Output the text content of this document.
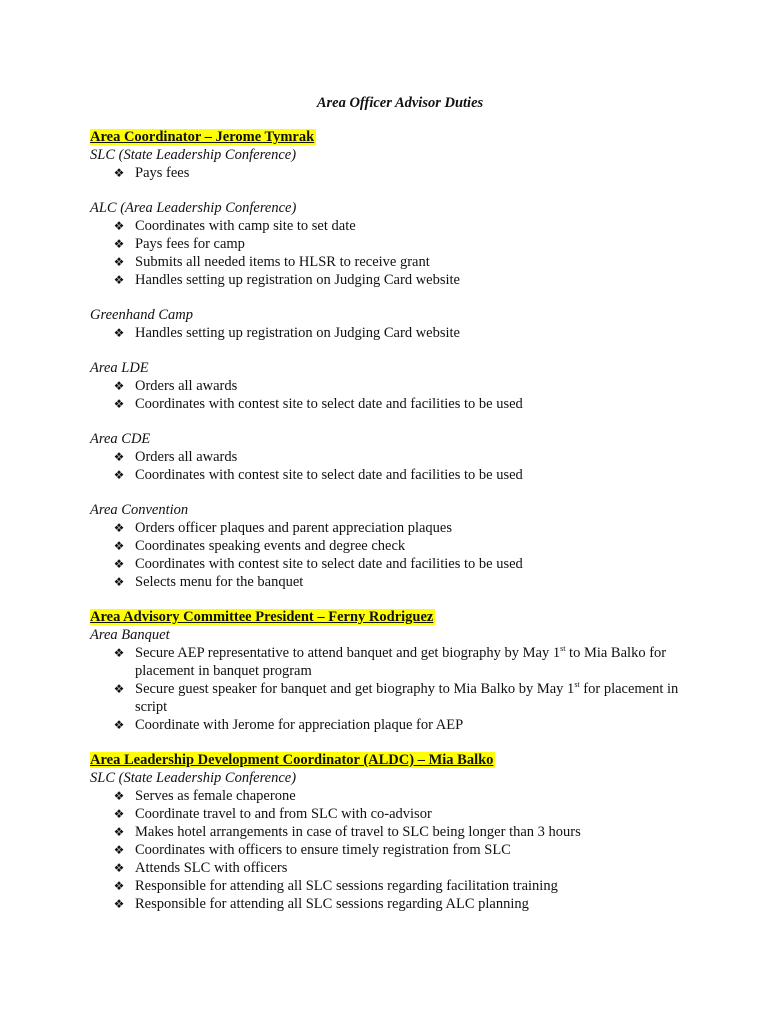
Area Officer Advisor Duties

Area Coordinator – Jerome Tymrak

SLC (State Leadership Conference)

❖ Pays fees

ALC (Area Leadership Conference)

❖ Coordinates with camp site to set date
❖ Pays fees for camp
❖ Submits all needed items to HLSR to receive grant
❖ Handles setting up registration on Judging Card website

Greenhand Camp

❖ Handles setting up registration on Judging Card website

Area LDE

❖ Orders all awards
❖ Coordinates with contest site to select date and facilities to be used

Area CDE

❖ Orders all awards
❖ Coordinates with contest site to select date and facilities to be used

Area Convention

❖ Orders officer plaques and parent appreciation plaques
❖ Coordinates speaking events and degree check
❖ Coordinates with contest site to select date and facilities to be used
❖ Selects menu for the banquet

Area Advisory Committee President – Ferny Rodriguez

Area Banquet

❖ Secure AEP representative to attend banquet and get biography by May 1st to Mia Balko for placement in banquet program
❖ Secure guest speaker for banquet and get biography to Mia Balko by May 1st for placement in script
❖ Coordinate with Jerome for appreciation plaque for AEP

Area Leadership Development Coordinator (ALDC) – Mia Balko

SLC (State Leadership Conference)

❖ Serves as female chaperone
❖ Coordinate travel to and from SLC with co-advisor
❖ Makes hotel arrangements in case of travel to SLC being longer than 3 hours
❖ Coordinates with officers to ensure timely registration from SLC
❖ Attends SLC with officers
❖ Responsible for attending all SLC sessions regarding facilitation training
❖ Responsible for attending all SLC sessions regarding ALC planning
